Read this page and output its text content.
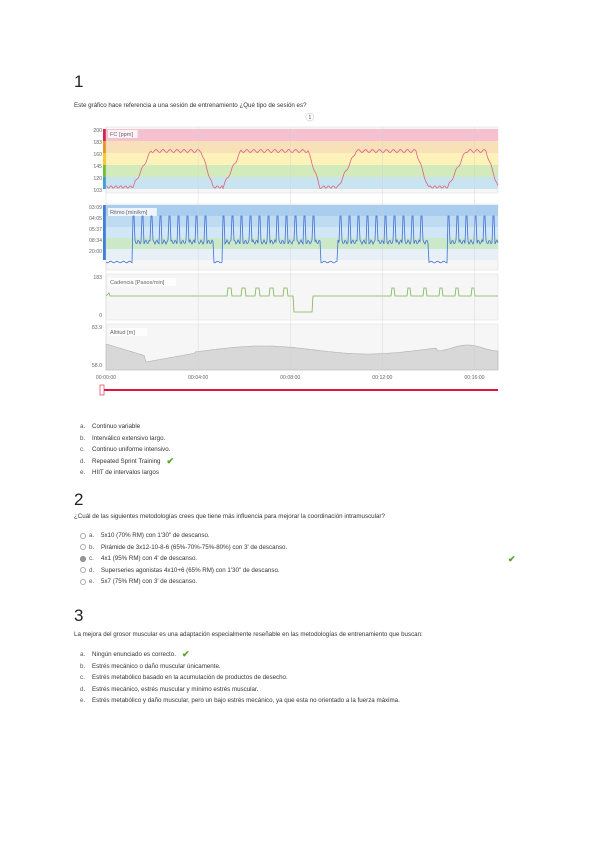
1
Este gráfico hace referencia a una sesión de entrenamiento ¿Qué tipo de sesión es?
200
183
160
145
120
103
FC [ppm]
03:09
04:05
05:37
08:34
20:00
Ritmo [min/km]
183
0
Cadencia [Pasos/min]
83.9
58.0
Altitud [m]
00:00:00	00:04:00	00:08:00	00:12:00	00:16:00
1
a.	Continuo variable
b.	Interválico extensivo largo.
c.	Continuo uniforme intensivo.
d.	Repeated Sprint Training ✔
e.	HIIT de intervalos largos
2
¿Cuál de las siguientes metodologías crees que tiene más influencia para mejorar la coordinación intramuscular?
a.	5x10 (70% RM) con 1'30" de descanso.
b.	Pirámide de 3x12-10-8-6 (65%-70%-75%-80%) con 3' de descanso.
c.	4x1 (95% RM) con 4' de descanso.
d.	Superseries agonistas 4x10+6 (65% RM) con 1'30" de descanso.
e.	5x7 (75% RM) con 3' de descanso.
✔
3
La mejora del grosor muscular es una adaptación especialmente reseñable en las metodologías de entrenamiento que buscan:
a.	Ningún enunciado es correcto. ✔
b.	Estrés mecánico o daño muscular únicamente.
c.	Estrés metabólico basado en la acumulación de productos de desecho.
d.	Estrés mecánico, estrés muscular y mínimo estrés muscular.
e.	Estrés metabólico y daño muscular, pero un bajo estrés mecánico, ya que esta no orientado a la fuerza máxima.
